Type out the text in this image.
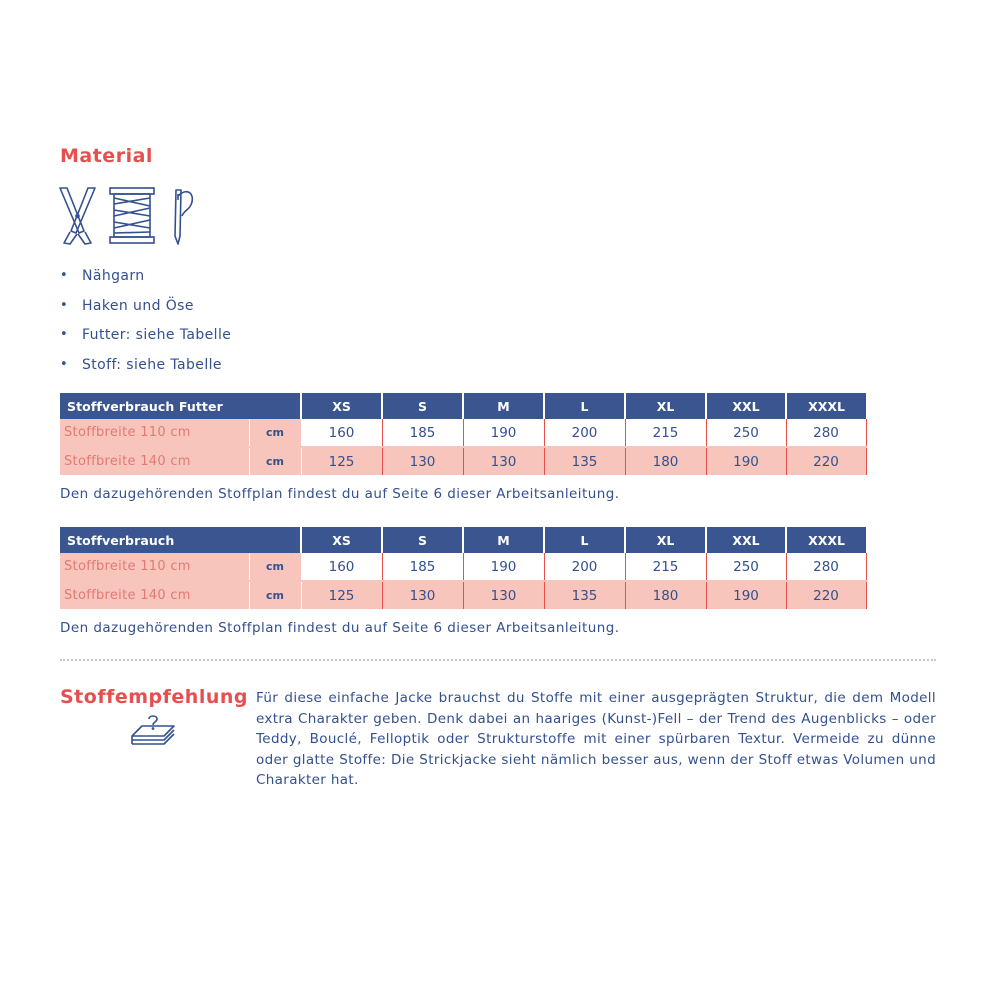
Material
• Nähgarn
• Haken und Öse
• Futter: siehe Tabelle
• Stoff: siehe Tabelle
Stoffverbrauch Futter		XS	S	M	L	XL	XXL	XXXL
Stoffbreite 110 cm	cm	160	185	190	200	215	250	280
Stoffbreite 140 cm	cm	125	130	130	135	180	190	220
Den dazugehörenden Stoffplan findest du auf Seite 6 dieser Arbeitsanleitung.
Stoffverbrauch		XS	S	M	L	XL	XXL	XXXL
Stoffbreite 110 cm	cm	160	185	190	200	215	250	280
Stoffbreite 140 cm	cm	125	130	130	135	180	190	220
Den dazugehörenden Stoffplan findest du auf Seite 6 dieser Arbeitsanleitung.
Stoffempfehlung Für diese einfache Jacke brauchst du Stoffe mit einer ausgeprägten Struktur, die dem Modell extra Charakter geben. Denk dabei an haariges (Kunst-)Fell – der Trend des Augenblicks – oder Teddy, Bouclé, Felloptik oder Strukturstoffe mit einer spürbaren Textur. Vermeide zu dünne oder glatte Stoffe: Die Strickjacke sieht nämlich besser aus, wenn der Stoff etwas Volumen und Charakter hat.
